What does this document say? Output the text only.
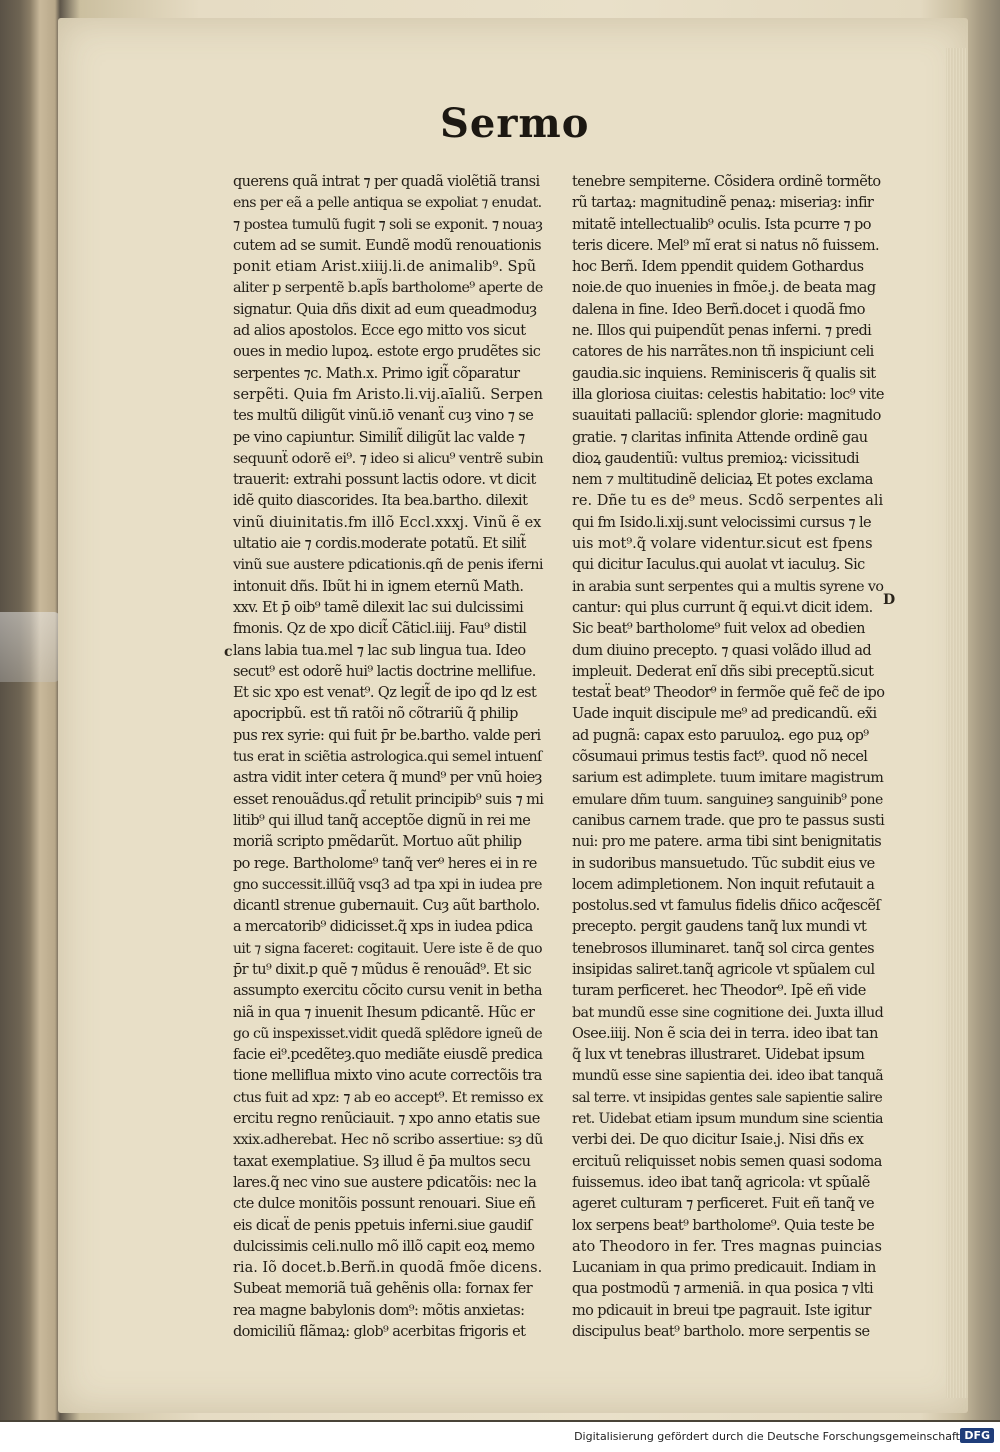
Sermo
querens quã intrat ⁊ per quadã violẽtiã transi
ens per eã a pelle antiqua se expoliat ⁊ enudat.
⁊ postea tumulũ fugit ⁊ soli se exponit. ⁊ nouaȝ
cutem ad se sumit. Eundẽ modũ renouationis
ponit etiam Arist.xiiij.li.de animalib⁹. Spũ
aliter p serpentẽ b.apl̃s bartholome⁹ aperte de
signatur. Quia dñs dixit ad eum queadmoduȝ
ad alios apostolos. Ecce ego mitto vos sicut
oues in medio lupoꝝ. estote ergo prudẽtes sic
serpentes ⁊c. Math.x. Primo igit̃ cõparatur
serpẽti. Quia fm Aristo.li.vij.aīaliũ. Serpen
tes multũ diligũt vinũ.iō venanẗ cuȝ vino ⁊ se
pe vino capiuntur. Similit̃ diligũt lac valde ⁊
sequunẗ odorẽ ei⁹. ⁊ ideo si alicu⁹ ventrẽ subin
trauerit: extrahi possunt lactis odore. vt dicit
idẽ quito diascorides. Ita bea.bartho. dilexit
vinũ diuinitatis.fm illõ Eccl.xxxj. Vinũ ẽ ex
ultatio aie ⁊ cordis.moderate potatũ. Et silit̃
vinũ sue austere pdicationis.qñ de penis iferni
intonuit dñs. Ibũt hi in ignem eternũ Math.
xxv. Et p̄ oib⁹ tamẽ dilexit lac sui dulcissimi
fmonis. Qz de xpo dicit̃ Cãticl.iiij. Fau⁹ distil
lans labia tua.mel ⁊ lac sub lingua tua. Ideo
secut⁹ est odorẽ hui⁹ lactis doctrine mellifue.
Et sic xpo est venat⁹. Qz legit̃ de ipo qd lz est
apocripbũ. est tñ ratõi nõ cõtrariũ q̃ philip
pus rex syrie: qui fuit p̄r be.bartho. valde peri
tus erat in sciẽtia astrologica.qui semel intuenſ
astra vidit inter cetera q̃ mund⁹ per vnũ hoieȝ
esset renouãdus.qd̃ retulit principib⁹ suis ⁊ mi
litib⁹ qui illud tanq̃ acceptõe dignũ in rei me
moriã scripto pmẽdarũt. Mortuo aũt philip
po rege. Bartholome⁹ tanq̃ ver⁹ heres ei in re
gno successit.illũq̃ vsq3 ad tpa xpi in iudea pre
dicantl strenue gubernauit. Cuȝ aũt bartholo.
a mercatorib⁹ didicisset.q̃ xps in iudea pdica
uit ⁊ signa faceret: cogitauit. Uere iste ẽ de quo
p̄r tu⁹ dixit.p quẽ ⁊ mũdus ẽ renouãd⁹. Et sic
assumpto exercitu cõcito cursu venit in betha
niã in qua ⁊ inuenit Ihesum pdicantẽ. Hũc er
go cũ inspexisset.vidit quedã splẽdore igneũ de
facie ei⁹.pcedẽteȝ.quo mediãte eiusdẽ predica
tione melliflua mixto vino acute correctõis tra
ctus fuit ad xpz: ⁊ ab eo accept⁹. Et remisso ex
ercitu regno renũciauit. ⁊ xpo anno etatis sue
xxix.adherebat. Hec nõ scribo assertiue: sȝ dũ
taxat exemplatiue. Sȝ illud ẽ p̄a multos secu
lares.q̃ nec vino sue austere pdicatõis: nec la
cte dulce monitõis possunt renouari. Siue eñ
eis dicaẗ de penis ppetuis inferni.siue gaudiſ
dulcissimis celi.nullo mõ illõ capit eoꝝ memo
ria. Iõ docet.b.Berñ.in quodã fmõe dicens.
Subeat memoriã tuã gehẽnis olla: fornax fer
rea magne babylonis dom⁹: mõtis anxietas:
domiciliũ flãmaꝝ: glob⁹ acerbitas frigoris et
tenebre sempiterne. Cõsidera ordinẽ tormẽto
rũ tartaꝝ: magnitudinẽ penaꝝ: miseriaȝ: infir
mitatẽ intellectualib⁹ oculis. Ista pcurre ⁊ po
teris dicere. Mel⁹ mĩ erat si natus nõ fuissem.
hoc Berñ. Idem ppendit quidem Gothardus
noie.de quo inuenies in fmõe.j. de beata mag
dalena in fine. Ideo Berñ.docet i quodã fmo
ne. Illos qui puipendũt penas inferni. ⁊ predi
catores de his narrãtes.non tñ inspiciunt celi
gaudia.sic inquiens. Reminisceris q̃ qualis sit
illa gloriosa ciuitas: celestis habitatio: loc⁹ vite
suauitati pallaciũ: splendor glorie: magnitudo
gratie. ⁊ claritas infinita Attende ordinẽ gau
dioꝝ gaudentiũ: vultus premioꝝ: vicissitudi
nem ⁊ multitudinẽ deliciaꝝ Et potes exclama
re. Dñe tu es de⁹ meus. Scdõ serpentes ali
qui fm Isido.li.xij.sunt velocissimi cursus ⁊ le
uis mot⁹.q̃ volare videntur.sicut est fpens
qui dicitur Iaculus.qui auolat vt iaculuȝ. Sic
in arabia sunt serpentes qui a multis syrene vo
cantur: qui plus currunt q̃ equi.vt dicit idem.
Sic beat⁹ bartholome⁹ fuit velox ad obedien
dum diuino precepto. ⁊ quasi volãdo illud ad
impleuit. Dederat enĩ dñs sibi preceptũ.sicut
testaẗ beat⁹ Theodor⁹ in fermõe quẽ fec̃ de ipo
Uade inquit discipule me⁹ ad predicandũ. ex̃i
ad pugnã: capax esto paruuloꝝ. ego puꝝ op⁹
cõsumaui primus testis fact⁹. quod nõ necel
sarium est adimplete. tuum imitare magistrum
emulare dñm tuum. sanguineȝ sanguinib⁹ pone
canibus carnem trade. que pro te passus susti
nui: pro me patere. arma tibi sint benignitatis
in sudoribus mansuetudo. Tũc subdit eius ve
locem adimpletionem. Non inquit refutauit a
postolus.sed vt famulus fidelis dñico acq̃escẽſ
precepto. pergit gaudens tanq̃ lux mundi vt
tenebrosos illuminaret. tanq̃ sol circa gentes
insipidas saliret.tanq̃ agricole vt spũalem cul
turam perficeret. hec Theodor⁹. Ipẽ eñ vide
bat mundũ esse sine cognitione dei. Juxta illud
Osee.iiij. Non ẽ scia dei in terra. ideo ibat tan
q̃ lux vt tenebras illustraret. Uidebat ipsum
mundũ esse sine sapientia dei. ideo ibat tanquã
sal terre. vt insipidas gentes sale sapientie salire
ret. Uidebat etiam ipsum mundum sine scientia
verbi dei. De quo dicitur Isaie.j. Nisi dñs ex
ercituũ reliquisset nobis semen quasi sodoma
fuissemus. ideo ibat tanq̃ agricola: vt spũalẽ
ageret culturam ⁊ perficeret. Fuit eñ tanq̃ ve
lox serpens beat⁹ bartholome⁹. Quia teste be
ato Theodoro in fer. Tres magnas puincias
Lucaniam in qua primo predicauit. Indiam in
qua postmodũ ⁊ armeniã. in qua posica ⁊ vlti
mo pdicauit in breui tpe pagrauit. Iste igitur
discipulus beat⁹ bartholo. more serpentis se
c
D
Digitalisierung gefördert durch die Deutsche Forschungsgemeinschaft DFG
